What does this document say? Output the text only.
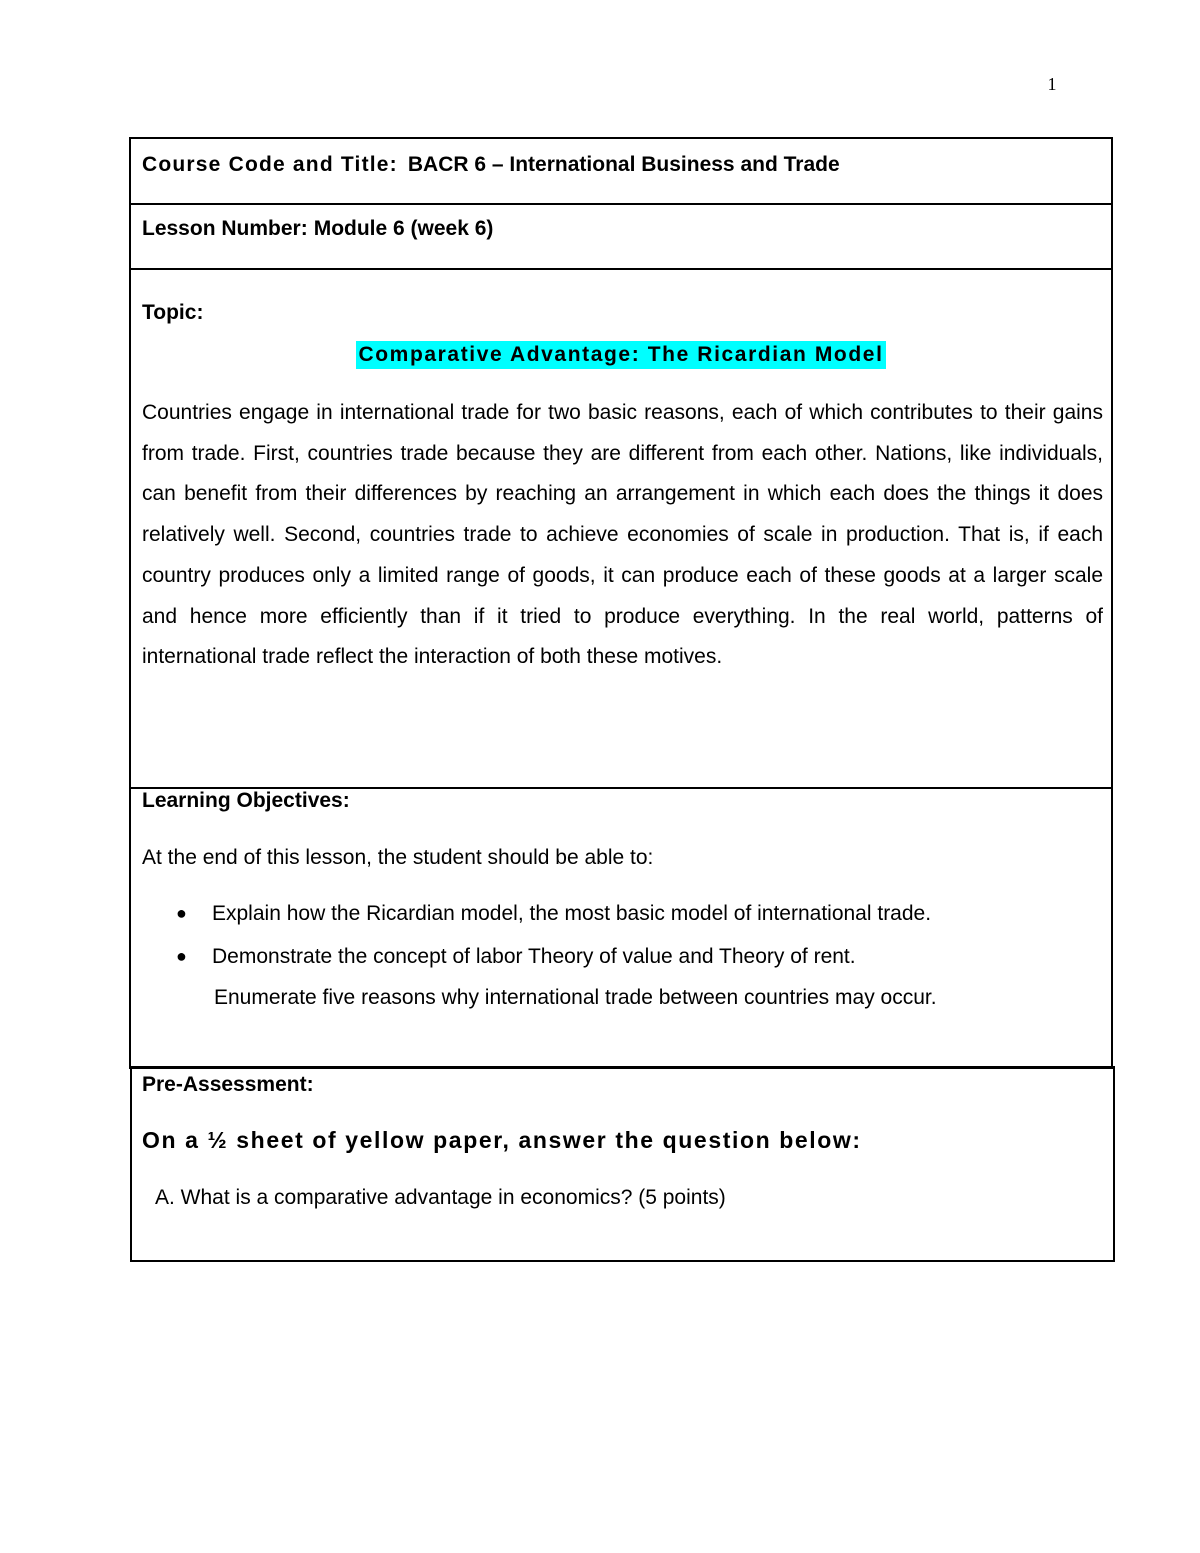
1
Course Code and Title: BACR 6 – International Business and Trade
Lesson Number: Module 6 (week 6)
Topic:
Comparative Advantage: The Ricardian Model

Countries engage in international trade for two basic reasons, each of which contributes to their gains from trade. First, countries trade because they are different from each other. Nations, like individuals, can benefit from their differences by reaching an arrangement in which each does the things it does relatively well. Second, countries trade to achieve economies of scale in production. That is, if each country produces only a limited range of goods, it can produce each of these goods at a larger scale and hence more efficiently than if it tried to produce everything. In the real world, patterns of international trade reflect the interaction of both these motives.

Learning Objectives:
At the end of this lesson, the student should be able to:
● Explain how the Ricardian model, the most basic model of international trade.
● Demonstrate the concept of labor Theory of value and Theory of rent.
Enumerate five reasons why international trade between countries may occur.
Pre-Assessment:
On a ½ sheet of yellow paper, answer the question below:
A. What is a comparative advantage in economics? (5 points)
